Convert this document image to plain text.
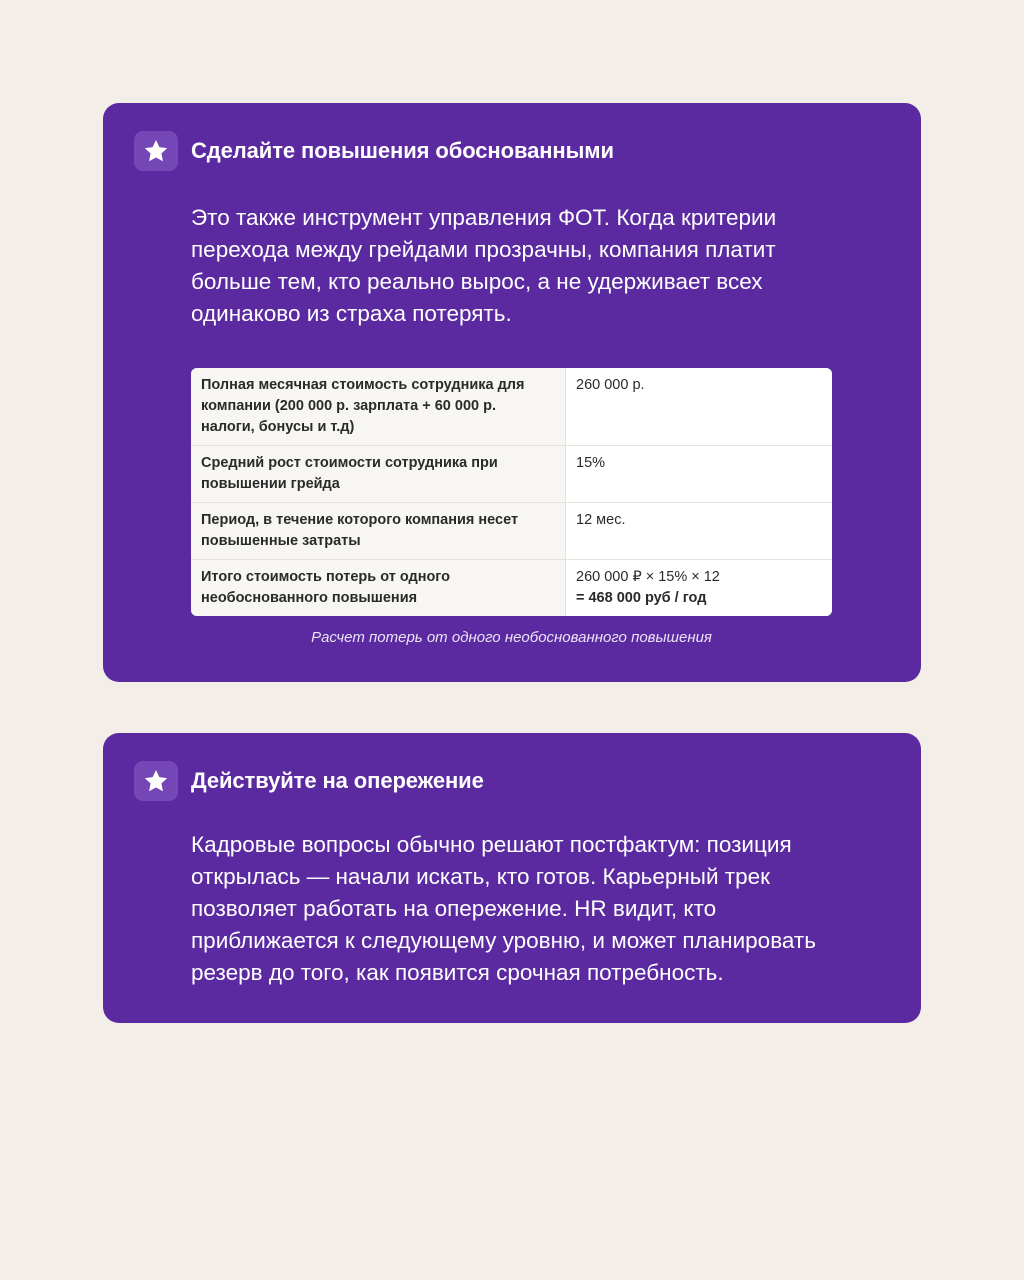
Сделайте повышения обоснованными

Это также инструмент управления ФОТ. Когда критерии
перехода между грейдами прозрачны, компания платит
больше тем, кто реально вырос, а не удерживает всех
одинаково из страха потерять.

Полная месячная стоимость сотрудника для
компании (200 000 р. зарплата + 60 000 р.
налоги, бонусы и т.д)	260 000 р.
Средний рост стоимости сотрудника при
повышении грейда	15%
Период, в течение которого компания несет
повышенные затраты	12 мес.
Итого стоимость потерь от одного
необоснованного повышения	260 000 ₽ × 15% × 12
= 468 000 руб / год
Расчет потерь от одного необоснованного повышения
Действуйте на опережение

Кадровые вопросы обычно решают постфактум: позиция
открылась — начали искать, кто готов. Карьерный трек
позволяет работать на опережение. HR видит, кто
приближается к следующему уровню, и может планировать
резерв до того, как появится срочная потребность.
